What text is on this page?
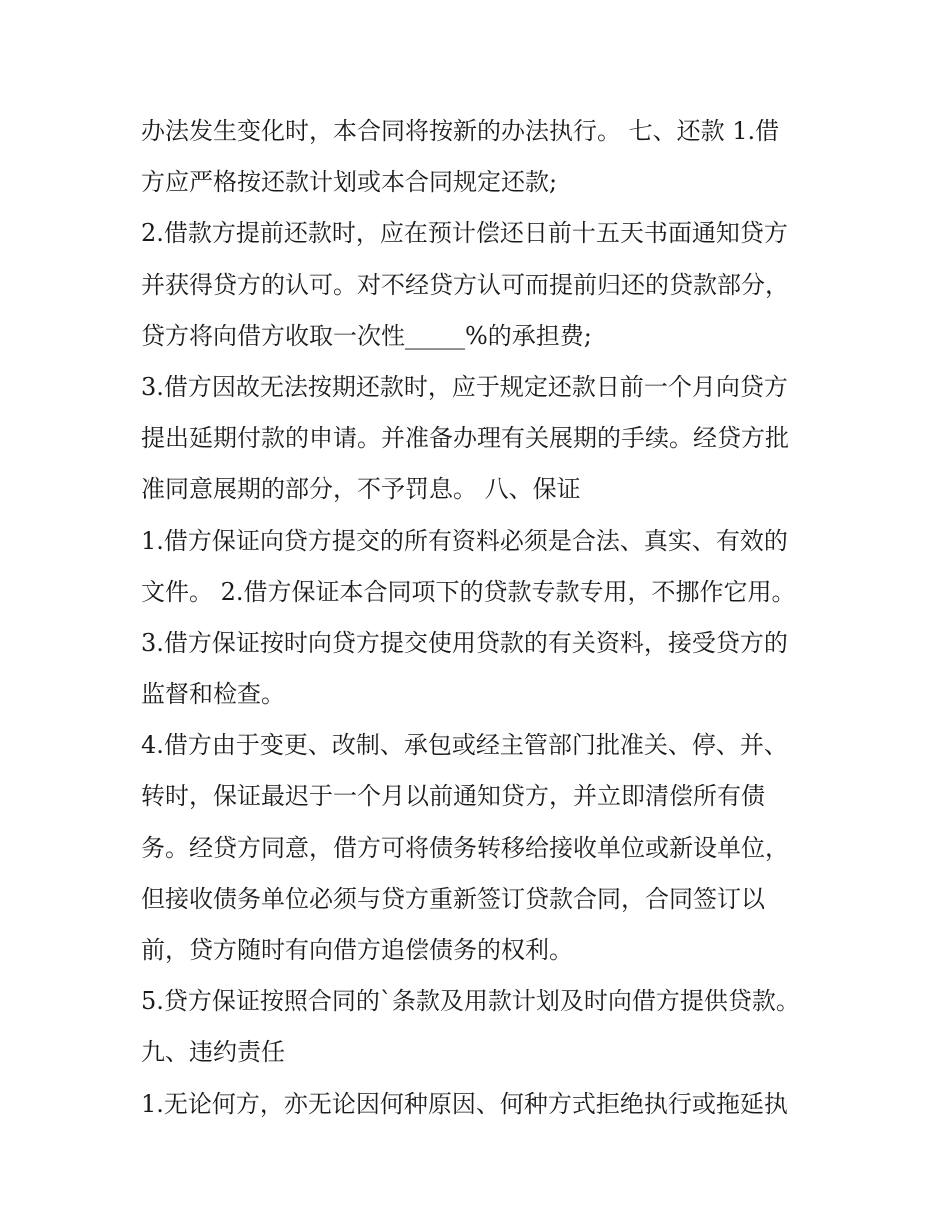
办法发生变化时，本合同将按新的办法执行。 七、还款 1.借
方应严格按还款计划或本合同规定还款;
2.借款方提前还款时，应在预计偿还日前十五天书面通知贷方
并获得贷方的认可。对不经贷方认可而提前归还的贷款部分，
贷方将向借方收取一次性_____%的承担费;
3.借方因故无法按期还款时，应于规定还款日前一个月向贷方
提出延期付款的申请。并准备办理有关展期的手续。经贷方批
准同意展期的部分，不予罚息。 八、保证
1.借方保证向贷方提交的所有资料必须是合法、真实、有效的
文件。 2.借方保证本合同项下的贷款专款专用，不挪作它用。
3.借方保证按时向贷方提交使用贷款的有关资料，接受贷方的
监督和检查。
4.借方由于变更、改制、承包或经主管部门批准关、停、并、
转时，保证最迟于一个月以前通知贷方，并立即清偿所有债
务。经贷方同意，借方可将债务转移给接收单位或新设单位，
但接收债务单位必须与贷方重新签订贷款合同，合同签订以
前，贷方随时有向借方追偿债务的权利。
5.贷方保证按照合同的`条款及用款计划及时向借方提供贷款。
九、违约责任
1.无论何方，亦无论因何种原因、何种方式拒绝执行或拖延执
